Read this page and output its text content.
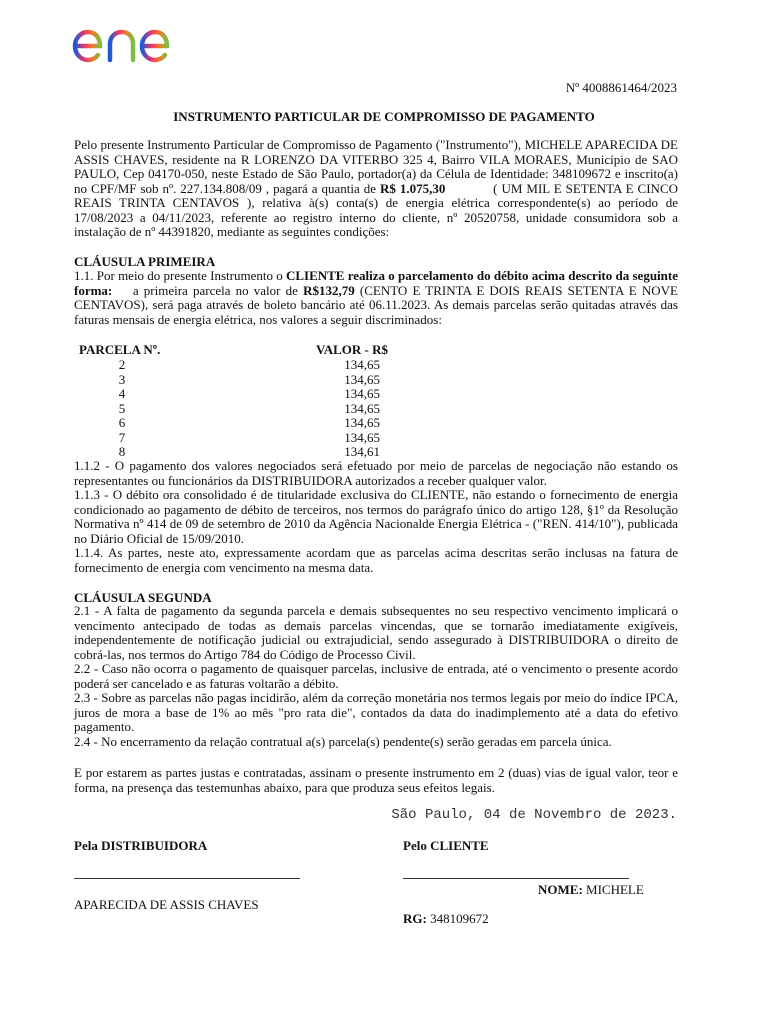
Nº 4008861464/2023
INSTRUMENTO PARTICULAR DE COMPROMISSO DE PAGAMENTO
Pelo presente Instrumento Particular de Compromisso de Pagamento ("Instrumento"), MICHELE APARECIDA DE ASSIS CHAVES, residente na R LORENZO DA VITERBO 325 4, Bairro VILA MORAES, Município de SAO PAULO, Cep 04170-050, neste Estado de São Paulo, portador(a) da Célula de Identidade: 348109672 e inscrito(a) no CPF/MF sob nº. 227.134.808/09 , pagará a quantia de R$ 1.075,30            ( UM MIL E SETENTA E CINCO REAIS TRINTA CENTAVOS ), relativa à(s) conta(s) de energia elétrica correspondente(s) ao período de 17/08/2023 a 04/11/2023, referente ao registro interno do cliente, nº 20520758, unidade consumidora sob a instalação de nº 44391820, mediante as seguintes condições:
CLÁUSULA PRIMEIRA
1.1. Por meio do presente Instrumento o CLIENTE realiza o parcelamento do débito acima descrito da seguinte forma:    a primeira parcela no valor de R$132,79 (CENTO E TRINTA E DOIS REAIS SETENTA E NOVE CENTAVOS), será paga através de boleto bancário até 06.11.2023. As demais parcelas serão quitadas através das faturas mensais de energia elétrica, nos valores a seguir discriminados:
PARCELA Nº.	VALOR - R$
2	134,65
3	134,65
4	134,65
5	134,65
6	134,65
7	134,65
8	134,61
1.1.2 - O pagamento dos valores negociados será efetuado por meio de parcelas de negociação não estando os representantes ou funcionários da DISTRIBUIDORA autorizados a receber qualquer valor.
1.1.3 - O débito ora consolidado é de titularidade exclusiva do CLIENTE, não estando o fornecimento de energia condicionado ao pagamento de débito de terceiros, nos termos do parágrafo único do artigo 128, §1º da Resolução Normativa nº 414 de 09 de setembro de 2010 da Agência Nacionalde Energia Elétrica - ("REN. 414/10"), publicada no Diário Oficial de 15/09/2010.
1.1.4. As partes, neste ato, expressamente acordam que as parcelas acima descritas serão inclusas na fatura de fornecimento de energia com vencimento na mesma data.
CLÁUSULA SEGUNDA
2.1 - A falta de pagamento da segunda parcela e demais subsequentes no seu respectivo vencimento implicará o vencimento antecipado de todas as demais parcelas vincendas, que se tornarão imediatamente exigíveis, independentemente de notificação judicial ou extrajudicial, sendo assegurado à DISTRIBUIDORA o direito de cobrá-las, nos termos do Artigo 784 do Código de Processo Civil.
2.2 - Caso não ocorra o pagamento de quaisquer parcelas, inclusive de entrada, até o vencimento o presente acordo poderá ser cancelado e as faturas voltarão a débito.
2.3 - Sobre as parcelas não pagas incidirão, além da correção monetária nos termos legais por meio do índice IPCA, juros de mora a base de 1% ao mês "pro rata die", contados da data do inadimplemento até a data do efetivo pagamento.
2.4 - No encerramento da relação contratual a(s) parcela(s) pendente(s) serão geradas em parcela única.
E por estarem as partes justas e contratadas, assinam o presente instrumento em 2 (duas) vias de igual valor, teor e forma, na presença das testemunhas abaixo, para que produza seus efeitos legais.
São Paulo, 04 de Novembro de 2023.
Pela DISTRIBUIDORA	Pelo CLIENTE
NOME: MICHELE
APARECIDA DE ASSIS CHAVES
RG: 348109672
